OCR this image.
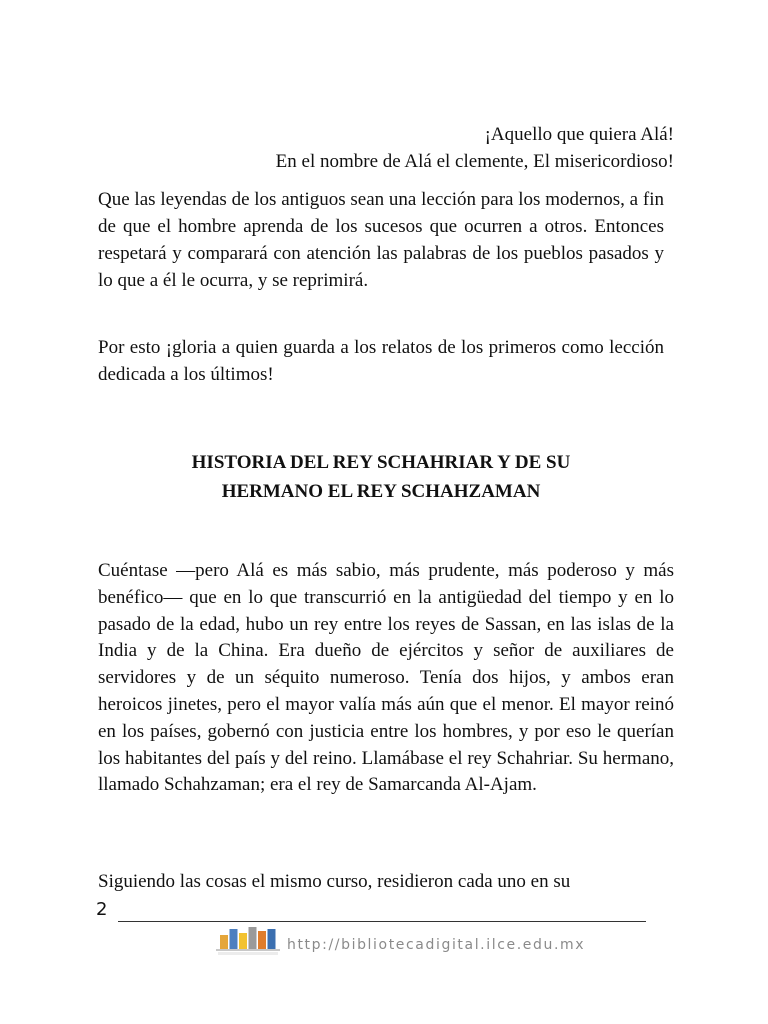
¡Aquello que quiera Alá!
En el nombre de Alá el clemente, El misericordioso!

Que las leyendas de los antiguos sean una lección para los modernos, a fin de que el hombre aprenda de los sucesos que ocurren a otros. Entonces respetará y comparará con atención las palabras de los pueblos pasados y lo que a él le ocurra, y se reprimirá.

Por esto ¡gloria a quien guarda a los relatos de los primeros como lección dedicada a los últimos!

HISTORIA DEL REY SCHAHRIAR Y DE SU
HERMANO EL REY SCHAHZAMAN

Cuéntase —pero Alá es más sabio, más prudente, más poderoso y más benéfico— que en lo que transcurrió en la antigüedad del tiempo y en lo pasado de la edad, hubo un rey entre los reyes de Sassan, en las islas de la India y de la China. Era dueño de ejércitos y señor de auxiliares de servidores y de un séquito numeroso. Tenía dos hijos, y ambos eran heroicos jinetes, pero el mayor valía más aún que el menor. El mayor reinó en los países, gobernó con justicia entre los hombres, y por eso le querían los habitantes del país y del reino. Llamábase el rey Schahriar. Su hermano, llamado Schahzaman; era el rey de Samarcanda Al-Ajam.

Siguiendo las cosas el mismo curso, residieron cada uno en su

2
http://bibliotecadigital.ilce.edu.mx
